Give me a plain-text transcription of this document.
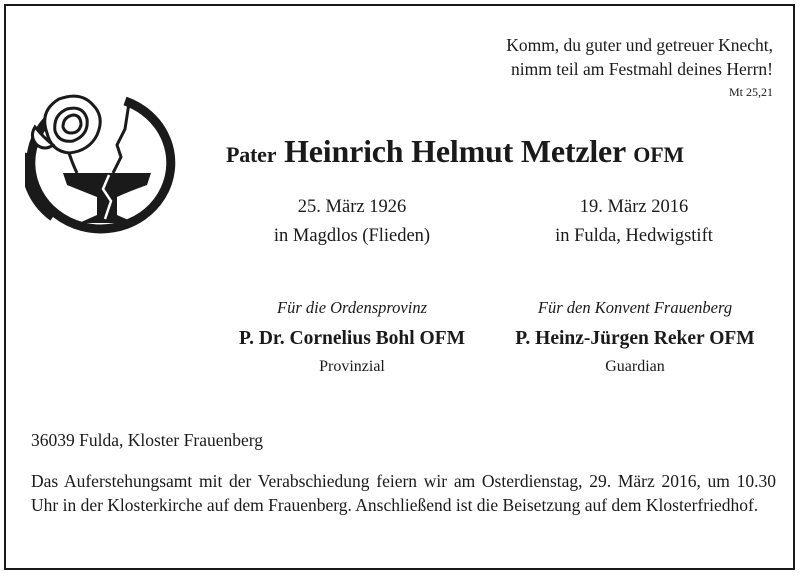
Komm, du guter und getreuer Knecht,
nimm teil am Festmahl deines Herrn!
Mt 25,21
Pater Heinrich Helmut Metzler OFM
25. März 1926
in Magdlos (Flieden)
19. März 2016
in Fulda, Hedwigstift
Für die Ordensprovinz
P. Dr. Cornelius Bohl OFM
Provinzial
Für den Konvent Frauenberg
P. Heinz-Jürgen Reker OFM
Guardian
36039 Fulda, Kloster Frauenberg

Das Auferstehungsamt mit der Verabschiedung feiern wir am Osterdienstag, 29. März 2016, um 10.30 Uhr in der Klosterkirche auf dem Frauenberg. Anschließend ist die Beisetzung auf dem Klosterfriedhof.
